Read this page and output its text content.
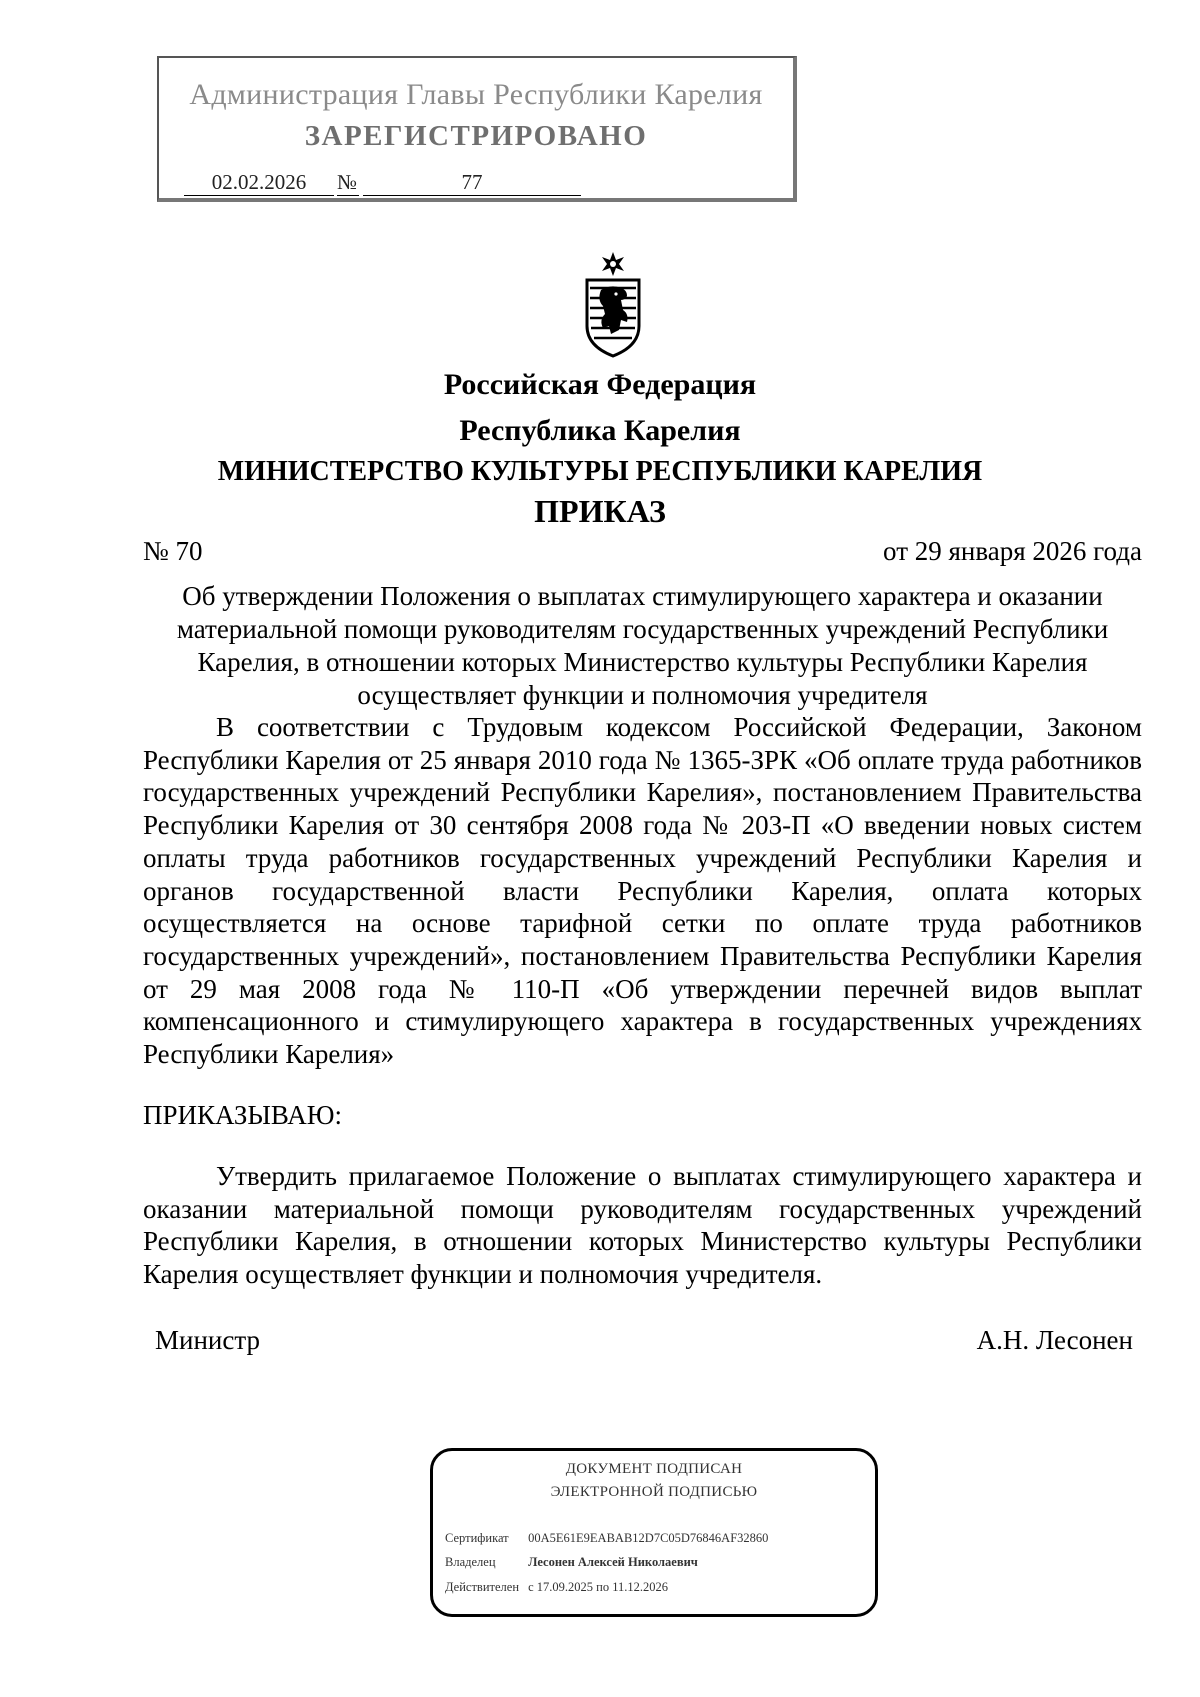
Администрация Главы Республики Карелия
ЗАРЕГИСТРИРОВАНО
02.02.2026	№	77
Российская Федерация
Республика Карелия
МИНИСТЕРСТВО КУЛЬТУРЫ РЕСПУБЛИКИ КАРЕЛИЯ
ПРИКАЗ
№ 70	от 29 января 2026 года
Об утверждении Положения о выплатах стимулирующего характера и оказании материальной помощи руководителям государственных учреждений Республики Карелия, в отношении которых Министерство культуры Республики Карелия осуществляет функции и полномочия учредителя
В соответствии с Трудовым кодексом Российской Федерации, Законом Республики Карелия от 25 января 2010 года № 1365-ЗРК «Об оплате труда работников государственных учреждений Республики Карелия», постановлением Правительства Республики Карелия от 30 сентября 2008 года № 203-П «О введении новых систем оплаты труда работников государственных учреждений Республики Карелия и органов государственной власти Республики Карелия, оплата которых осуществляется на основе тарифной сетки по оплате труда работников государственных учреждений», постановлением Правительства Республики Карелия от 29 мая 2008 года № 110-П «Об утверждении перечней видов выплат компенсационного и стимулирующего характера в государственных учреждениях Республики Карелия»
ПРИКАЗЫВАЮ:
Утвердить прилагаемое Положение о выплатах стимулирующего характера и оказании материальной помощи руководителям государственных учреждений Республики Карелия, в отношении которых Министерство культуры Республики Карелия осуществляет функции и полномочия учредителя.
Министр	А.Н. Лесонен
ДОКУМЕНТ ПОДПИСАН
ЭЛЕКТРОННОЙ ПОДПИСЬЮ
Сертификат 00A5E61E9EABAB12D7C05D76846AF32860
Владелец	Лесонен Алексей Николаевич
Действителен с 17.09.2025 по 11.12.2026
